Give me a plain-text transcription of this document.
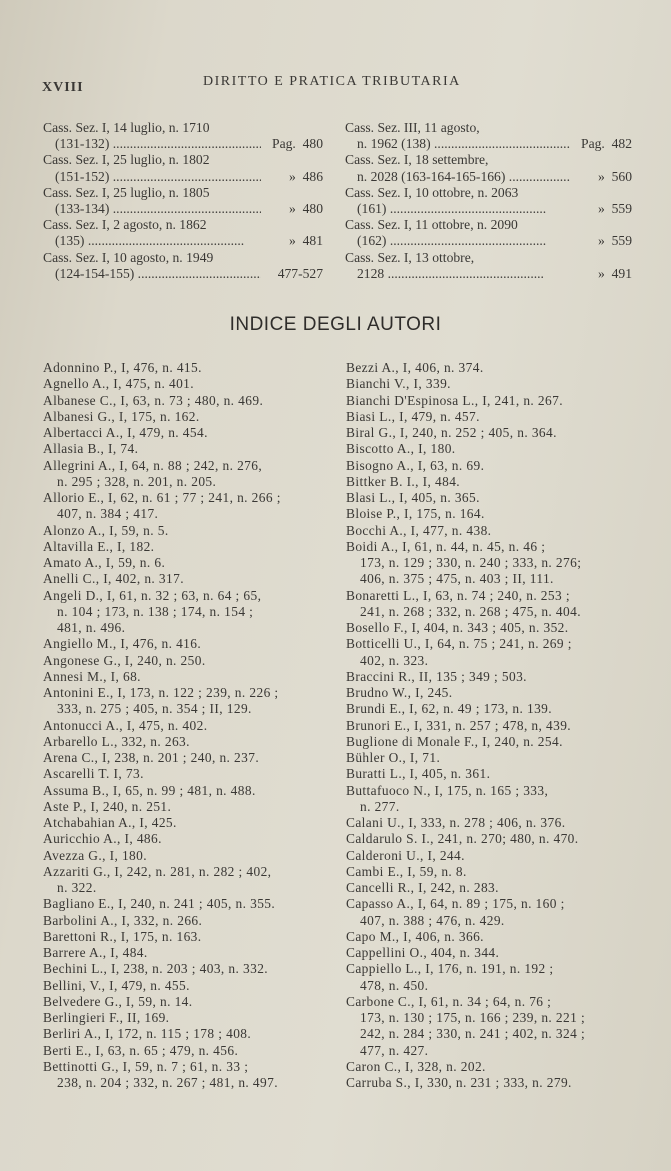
XVIII	DIRITTO E PRATICA TRIBUTARIA
Cass. Sez. I, 14 luglio, n. 1710
(131-132) .....	Pag. 480
Cass. Sez. I, 25 luglio, n. 1802
(151-152) .....	» 486
Cass. Sez. I, 25 luglio, n. 1805
(133-134) .....	» 480
Cass. Sez. I, 2 agosto, n. 1862
(135) .....	» 481
Cass. Sez. I, 10 agosto, n. 1949
(124-154-155) .....	477-527
Cass. Sez. III, 11 agosto,
n. 1962 (138) .....	Pag. 482
Cass. Sez. I, 18 settembre,
n. 2028 (163-164-165-166) .....	» 560
Cass. Sez. I, 10 ottobre, n. 2063
(161) .....	» 559
Cass. Sez. I, 11 ottobre, n. 2090
(162) .....	» 559
Cass. Sez. I, 13 ottobre,
2128 .....	» 491
INDICE DEGLI AUTORI
Adonnino P., I, 476, n. 415.
Agnello A., I, 475, n. 401.
Albanese C., I, 63, n. 73 ; 480, n. 469.
Albanesi G., I, 175, n. 162.
Albertacci A., I, 479, n. 454.
Allasia B., I, 74.
Allegrini A., I, 64, n. 88 ; 242, n. 276,
n. 295 ; 328, n. 201, n. 205.
Allorio E., I, 62, n. 61 ; 77 ; 241, n. 266 ;
407, n. 384 ; 417.
Alonzo A., I, 59, n. 5.
Altavilla E., I, 182.
Amato A., I, 59, n. 6.
Anelli C., I, 402, n. 317.
Angeli D., I, 61, n. 32 ; 63, n. 64 ; 65,
n. 104 ; 173, n. 138 ; 174, n. 154 ;
481, n. 496.
Angiello M., I, 476, n. 416.
Angonese G., I, 240, n. 250.
Annesi M., I, 68.
Antonini E., I, 173, n. 122 ; 239, n. 226 ;
333, n. 275 ; 405, n. 354 ; II, 129.
Antonucci A., I, 475, n. 402.
Arbarello L., 332, n. 263.
Arena C., I, 238, n. 201 ; 240, n. 237.
Ascarelli T. I, 73.
Assuma B., I, 65, n. 99 ; 481, n. 488.
Aste P., I, 240, n. 251.
Atchabahian A., I, 425.
Auricchio A., I, 486.
Avezza G., I, 180.
Azzariti G., I, 242, n. 281, n. 282 ; 402,
n. 322.
Bagliano E., I, 240, n. 241 ; 405, n. 355.
Barbolini A., I, 332, n. 266.
Barettoni R., I, 175, n. 163.
Barrere A., I, 484.
Bechini L., I, 238, n. 203 ; 403, n. 332.
Bellini, V., I, 479, n. 455.
Belvedere G., I, 59, n. 14.
Berlingieri F., II, 169.
Berliri A., I, 172, n. 115 ; 178 ; 408.
Berti E., I, 63, n. 65 ; 479, n. 456.
Bettinotti G., I, 59, n. 7 ; 61, n. 33 ;
238, n. 204 ; 332, n. 267 ; 481, n. 497.
Bezzi A., I, 406, n. 374.
Bianchi V., I, 339.
Bianchi D'Espinosa L., I, 241, n. 267.
Biasi L., I, 479, n. 457.
Biral G., I, 240, n. 252 ; 405, n. 364.
Biscotto A., I, 180.
Bisogno A., I, 63, n. 69.
Bittker B. I., I, 484.
Blasi L., I, 405, n. 365.
Bloise P., I, 175, n. 164.
Bocchi A., I, 477, n. 438.
Boidi A., I, 61, n. 44, n. 45, n. 46 ;
173, n. 129 ; 330, n. 240 ; 333, n. 276;
406, n. 375 ; 475, n. 403 ; II, 111.
Bonaretti L., I, 63, n. 74 ; 240, n. 253 ;
241, n. 268 ; 332, n. 268 ; 475, n. 404.
Bosello F., I, 404, n. 343 ; 405, n. 352.
Botticelli U., I, 64, n. 75 ; 241, n. 269 ;
402, n. 323.
Braccini R., II, 135 ; 349 ; 503.
Brudno W., I, 245.
Brundi E., I, 62, n. 49 ; 173, n. 139.
Brunori E., I, 331, n. 257 ; 478, n, 439.
Buglione di Monale F., I, 240, n. 254.
Bühler O., I, 71.
Buratti L., I, 405, n. 361.
Buttafuoco N., I, 175, n. 165 ; 333,
n. 277.
Calani U., I, 333, n. 278 ; 406, n. 376.
Caldarulo S. I., 241, n. 270; 480, n. 470.
Calderoni U., I, 244.
Cambi E., I, 59, n. 8.
Cancelli R., I, 242, n. 283.
Capasso A., I, 64, n. 89 ; 175, n. 160 ;
407, n. 388 ; 476, n. 429.
Capo M., I, 406, n. 366.
Cappellini O., 404, n. 344.
Cappiello L., I, 176, n. 191, n. 192 ;
478, n. 450.
Carbone C., I, 61, n. 34 ; 64, n. 76 ;
173, n. 130 ; 175, n. 166 ; 239, n. 221 ;
242, n. 284 ; 330, n. 241 ; 402, n. 324 ;
477, n. 427.
Caron C., I, 328, n. 202.
Carruba S., I, 330, n. 231 ; 333, n. 279.
